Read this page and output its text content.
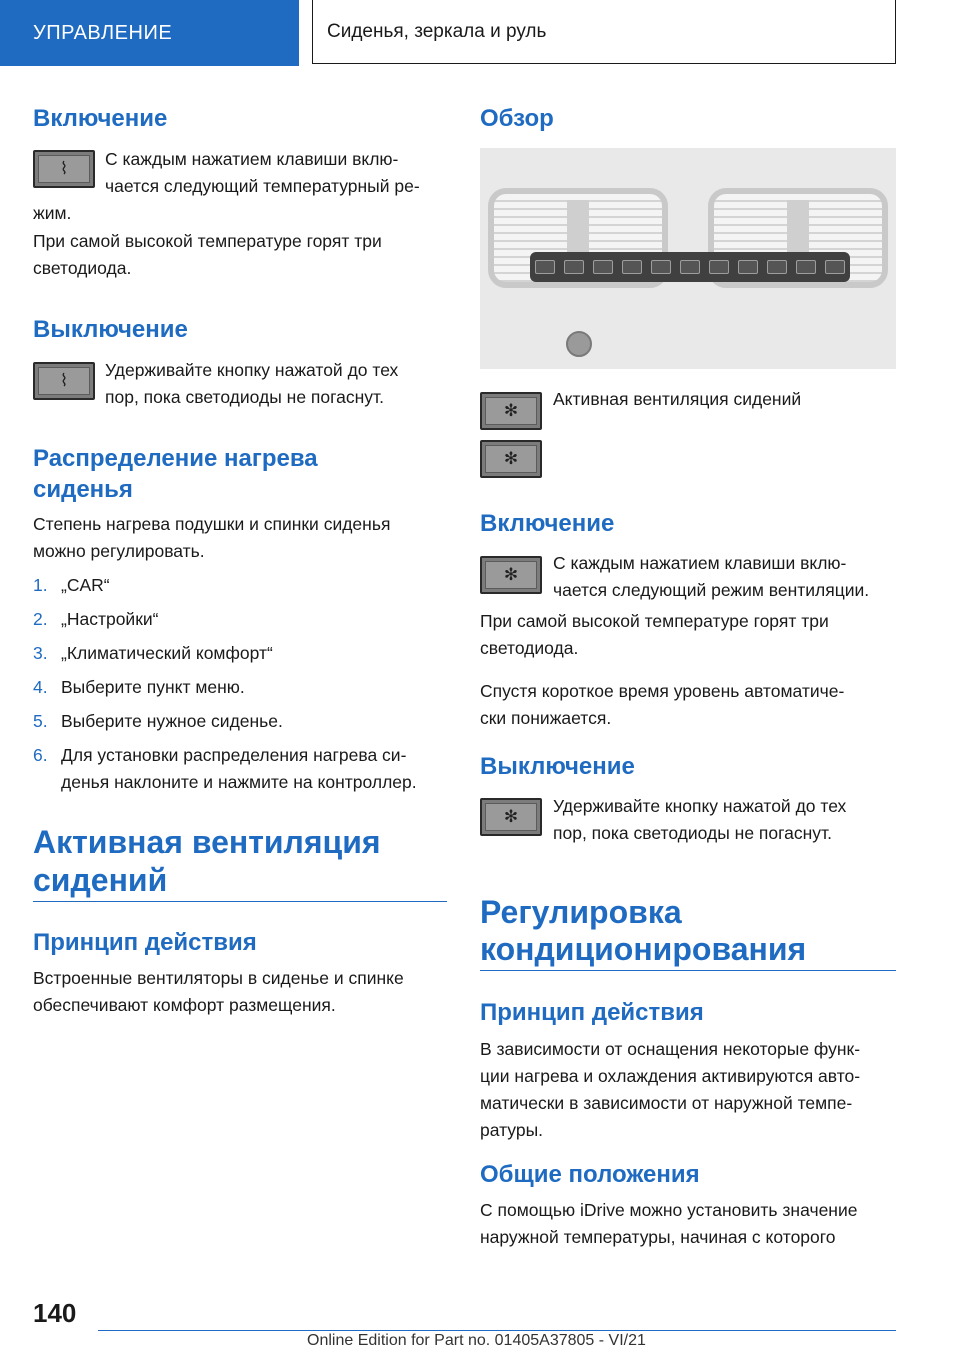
УПРАВЛЕНИЕ	Сиденья, зеркала и руль
Включение
⌇ С каждым нажатием клавиши вклю-
чается следующий температурный ре-
жим.
При самой высокой температуре горят три
светодиода.
Выключение
⌇
Удерживайте кнопку нажатой до тех
пор, пока светодиоды не погаснут.
Распределение нагрева
сиденья
Степень нагрева подушки и спинки сиденья
можно регулировать.
1. „CAR“
2. „Настройки“
3. „Климатический комфорт“
4. Выберите пункт меню.
5. Выберите нужное сиденье.
6. Для установки распределения нагрева си-
денья наклоните и нажмите на контроллер.
Активная вентиляция
сидений
Принцип действия
Встроенные вентиляторы в сиденье и спинке
обеспечивают комфорт размещения.
Обзор
✻
✻
Активная вентиляция сидений
Включение
✻
С каждым нажатием клавиши вклю-
чается следующий режим вентиляции.
При самой высокой температуре горят три
светодиода.
Спустя короткое время уровень автоматиче-
ски понижается.
Выключение
✻
Удерживайте кнопку нажатой до тех
пор, пока светодиоды не погаснут.
Регулировка
кондиционирования
Принцип действия
В зависимости от оснащения некоторые функ-
ции нагрева и охлаждения активируются авто-
матически в зависимости от наружной темпе-
ратуры.
Общие положения
С помощью iDrive можно установить значение
наружной температуры, начиная с которого
140
Online Edition for Part no. 01405A37805 - VI/21
